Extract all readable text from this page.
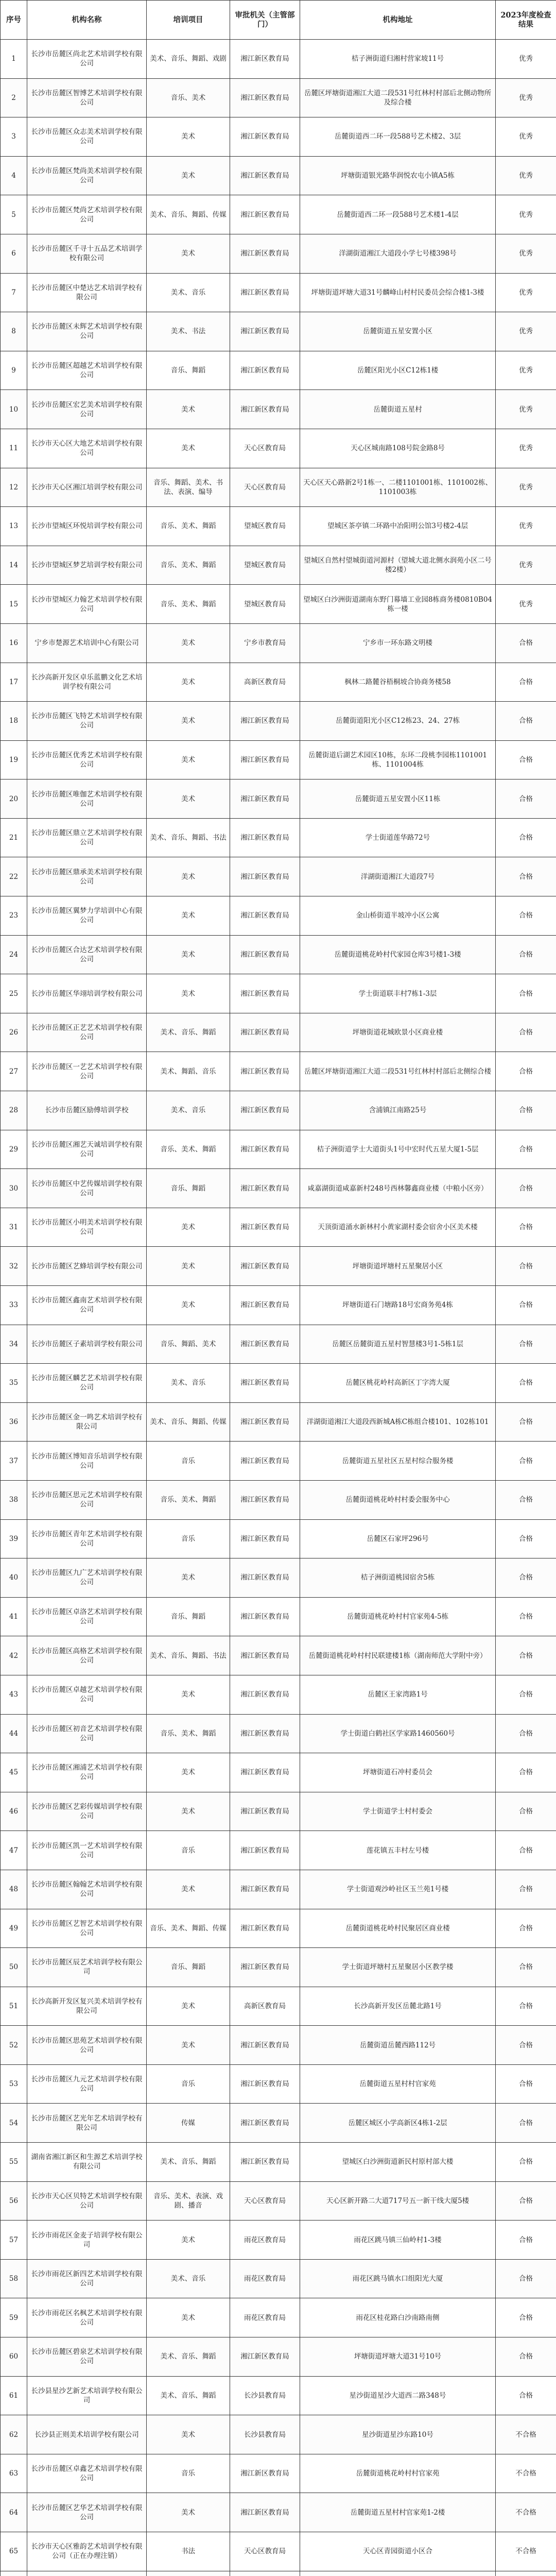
序号	机构名称	培训项目	审批机关（主管部门）	机构地址	2023年度检查结果
1	长沙市岳麓区尚北艺术培训学校有限公司	美术、音乐、舞蹈、戏剧	湘江新区教育局	桔子洲街道归湘村营家坡11号	优秀
2	长沙市岳麓区智博艺术培训学校有限公司	音乐、美术	湘江新区教育局	岳麓区坪塘街道湘江大道二段531号红林村村部后北侧动物所及综合楼	优秀
3	长沙市岳麓区众志美术培训学校有限公司	美术	湘江新区教育局	岳麓街道西二环一段588号艺术楼2、3层	优秀
4	长沙市岳麓区梵尚美术培训学校有限公司	美术	湘江新区教育局	坪塘街道银光路华润悦农屯小镇A5栋	优秀
5	长沙市岳麓区梵尚艺术培训学校有限公司	美术、音乐、舞蹈、传媒	湘江新区教育局	岳麓街道西二环一段588号艺术楼1-4层	优秀
6	长沙市岳麓区千寻十五品艺术培训学校有限公司	美术	湘江新区教育局	洋湖街道湘江大道段小学七号楼398号	优秀
7	长沙市岳麓区中楚达艺术培训学校有限公司	美术、音乐	湘江新区教育局	坪塘街道坪塘大道31号麟峰山村村民委员会综合楼1-3楼	优秀
8	长沙市岳麓区未辉艺术培训学校有限公司	美术、书法	湘江新区教育局	岳麓街道五星安置小区	优秀
9	长沙市岳麓区超越艺术培训学校有限公司	音乐、舞蹈	湘江新区教育局	岳麓区阳光小区C12栋1楼	优秀
10	长沙市岳麓区宏艺美术培训学校有限公司	美术	湘江新区教育局	岳麓街道五星村	优秀
11	长沙市天心区大地艺术培训学校有限公司	美术	天心区教育局	天心区城南路108号院金路8号	优秀
12	长沙市天心区湘江培训学校有限公司	音乐、舞蹈、美术、书法、表演、编导	天心区教育局	天心区天心路新2号1栋一、二楼1101001栋、1101002栋、1101003栋	优秀
13	长沙市望城区环悦培训学校有限公司	音乐、美术、舞蹈	望城区教育局	望城区茶亭镇二环路中冶阳明公馆3号楼2-4层	优秀
14	长沙市望城区梦艺培训学校有限公司	音乐、美术、舞蹈	望城区教育局	望城区自然村望城街道河源村（望城大道北侧水润苑小区二号楼2楼）	优秀
15	长沙市望城区力翰艺术培训学校有限公司	音乐、美术、舞蹈	望城区教育局	望城区白沙洲街道湖南东野门幕墙工业园8栋商务楼0810B04栋一楼	优秀
16	宁乡市楚源艺术培训中心有限公司	美术	宁乡市教育局	宁乡市一环东路文明楼	合格
17	长沙高新开发区卓乐蓝鹏文化艺术培训学校有限公司	美术	高新区教育局	枫林二路麓谷梧桐坡合协商务楼58	合格
18	长沙市岳麓区飞特艺术培训学校有限公司	美术	湘江新区教育局	岳麓街道阳光小区C12栋23、24、27栋	合格
19	长沙市岳麓区优秀艺术培训学校有限公司	美术	湘江新区教育局	岳麓街道后湖艺术园区10栋，东环二段桃李园栋1101001栋、1101004栋	合格
20	长沙市岳麓区唯伽艺术培训学校有限公司	美术	湘江新区教育局	岳麓街道五星安置小区11栋	合格
21	长沙市岳麓区鼎立艺术培训学校有限公司	美术、音乐、舞蹈、书法	湘江新区教育局	学士街道莲华路72号	合格
22	长沙市岳麓区鼎承美术培训学校有限公司	美术	湘江新区教育局	洋湖街道湘江大道段7号	合格
23	长沙市岳麓区翼梦力学培训中心有限公司	美术	湘江新区教育局	金山桥街道半坡冲小区公寓	合格
24	长沙市岳麓区合达艺术培训学校有限公司	美术	湘江新区教育局	岳麓街道桃花岭村代家园仓库3号楼1-3楼	合格
25	长沙市岳麓区华翊培训学校有限公司	美术	湘江新区教育局	学士街道联丰村7栋1-3层	合格
26	长沙市岳麓区正艺艺术培训学校有限公司	美术、音乐、舞蹈	湘江新区教育局	坪塘街道花城欧景小区商业楼	合格
27	长沙市岳麓区一艺艺术培训学校有限公司	美术、舞蹈、音乐	湘江新区教育局	岳麓区坪塘街道湘江大道二段531号红林村村部后北侧综合楼	合格
28	长沙市岳麓区励傅培训学校	美术、音乐	湘江新区教育局	含浦镇江南路25号	合格
29	长沙市岳麓区湘艺天诚培训学校有限公司	音乐、美术、舞蹈	湘江新区教育局	桔子洲街道学士大道街头1号中宏时代五星大厦1-5层	合格
30	长沙市岳麓区中艺传媒培训学校有限公司	音乐、舞蹈	湘江新区教育局	咸嘉湖街道咸嘉新村248号西林馨鑫商业楼（中粮小区旁）	合格
31	长沙市岳麓区小明美术培训学校有限公司	美术	湘江新区教育局	天顶街道涌水新林村小黄家湖村委会宿舍小区美术楼	合格
32	长沙市岳麓区艺蜂培训学校有限公司	美术	湘江新区教育局	坪塘街道坪塘村五星聚居小区	合格
33	长沙市岳麓区鑫南艺术培训学校有限公司	美术	湘江新区教育局	坪塘街道石门塘路18号宏商务苑4栋	合格
34	长沙市岳麓区子素培训学校有限公司	音乐、舞蹈、美术	湘江新区教育局	岳麓区岳麓街道五星村智慧楼3号1-5栋1层	合格
35	长沙市岳麓区麟艺艺术培训学校有限公司	美术、音乐	湘江新区教育局	岳麓区桃花岭村高新区丁字湾大厦	合格
36	长沙市岳麓区金一鸣艺术培训学校有限公司	美术、音乐、舞蹈、传媒	湘江新区教育局	洋湖街道湘江大道段西新城A栋C栋组合楼101、102栋101	合格
37	长沙市岳麓区博知音乐培训学校有限公司	音乐	湘江新区教育局	岳麓街道五星社区五星村综合服务楼	合格
38	长沙市岳麓区思元艺术培训学校有限公司	音乐、美术、舞蹈	湘江新区教育局	岳麓街道桃花岭村村委会服务中心	合格
39	长沙市岳麓区青年艺术培训学校有限公司	音乐	湘江新区教育局	岳麓区石家坪296号	合格
40	长沙市岳麓区九广艺术培训学校有限公司	美术	湘江新区教育局	桔子洲街道桃园宿舍5栋	合格
41	长沙市岳麓区卓洛艺术培训学校有限公司	音乐、舞蹈	湘江新区教育局	岳麓街道桃花岭村村官家苑4-5栋	合格
42	长沙市岳麓区高格艺术培训学校有限公司	美术、音乐、舞蹈、书法	湘江新区教育局	岳麓街道桃花岭村村民联建楼1栋（湖南师范大学附中旁）	合格
43	长沙市岳麓区卓越艺术培训学校有限公司	美术	湘江新区教育局	岳麓区王家湾路1号	合格
44	长沙市岳麓区初音艺术培训学校有限公司	音乐、美术、舞蹈	湘江新区教育局	学士街道白鹤社区学家路1460560号	合格
45	长沙市岳麓区湘浦艺术培训学校有限公司	美术	湘江新区教育局	坪塘街道石冲村委员会	合格
46	长沙市岳麓区艺彩传媒培训学校有限公司	美术	湘江新区教育局	学士街道学士村村委会	合格
47	长沙市岳麓区凯一艺术培训学校有限公司	音乐	湘江新区教育局	莲花镇五丰村左号楼	合格
48	长沙市岳麓区翰翰艺术培训学校有限公司	美术	湘江新区教育局	学士街道观沙岭社区玉兰苑1号楼	合格
49	长沙市岳麓区艺智艺术培训学校有限公司	音乐、美术、舞蹈、传媒	湘江新区教育局	岳麓街道桃花岭村民聚居区商业楼	合格
50	长沙市岳麓区辰艺术培训学校有限公司	音乐、舞蹈	湘江新区教育局	学士街道坪塘村五星聚居小区教学楼	合格
51	长沙高新开发区复兴美术培训学校有限公司	美术	高新区教育局	长沙高新开发区岳麓北路1号	合格
52	长沙市岳麓区思苑艺术培训学校有限公司	美术	湘江新区教育局	岳麓街道岳麓西路112号	合格
53	长沙市岳麓区九元艺术培训学校有限公司	音乐	湘江新区教育局	岳麓街道五星村村官家苑	合格
54	长沙市岳麓区艺光年艺术培训学校有限公司	传媒	湘江新区教育局	岳麓区城区小学高新区4栋1-2层	合格
55	湖南省湘江新区和生源艺术培训学校有限公司	美术、音乐、舞蹈	湘江新区教育局	望城区白沙洲街道新民村原村部大楼	合格
56	长沙市天心区贝特艺术培训学校有限公司	音乐、美术、表演、戏剧、播音	天心区教育局	天心区新开路二大道717号五一新干线大厦5楼	合格
57	长沙市雨花区金麦子培训学校有限公司	美术	雨花区教育局	雨花区跳马镇三仙岭村1-3楼	合格
58	长沙市雨花区新四艺术培训学校有限公司	美术、音乐	雨花区教育局	雨花区跳马镇水口组阳光大厦	合格
59	长沙市雨花区名枫艺术培训学校有限公司	美术	雨花区教育局	雨花区桂花路白沙南路南侧	合格
60	长沙市岳麓区碧泉艺术培训学校有限公司	美术、音乐、舞蹈	湘江新区教育局	坪塘街道坪塘大道31号10号	合格
61	长沙县星沙艺新艺术培训学校有限公司	美术、音乐、舞蹈	长沙县教育局	星沙街道星沙大道西二路348号	合格
62	长沙县正则美术培训学校有限公司	美术	长沙县教育局	星沙街道星沙东路10号	不合格
63	长沙市岳麓区卓鑫艺术培训学校有限公司	音乐	湘江新区教育局	岳麓街道桃花岭村村官家苑	不合格
64	长沙市岳麓区艺华艺术培训学校有限公司	美术	湘江新区教育局	岳麓街道五星村村官家苑1-2楼	不合格
65	长沙市天心区雅韵艺术培训学校有限公司（正在办理注销）	书法	天心区教育局	天心区青园街道小区合	不合格
